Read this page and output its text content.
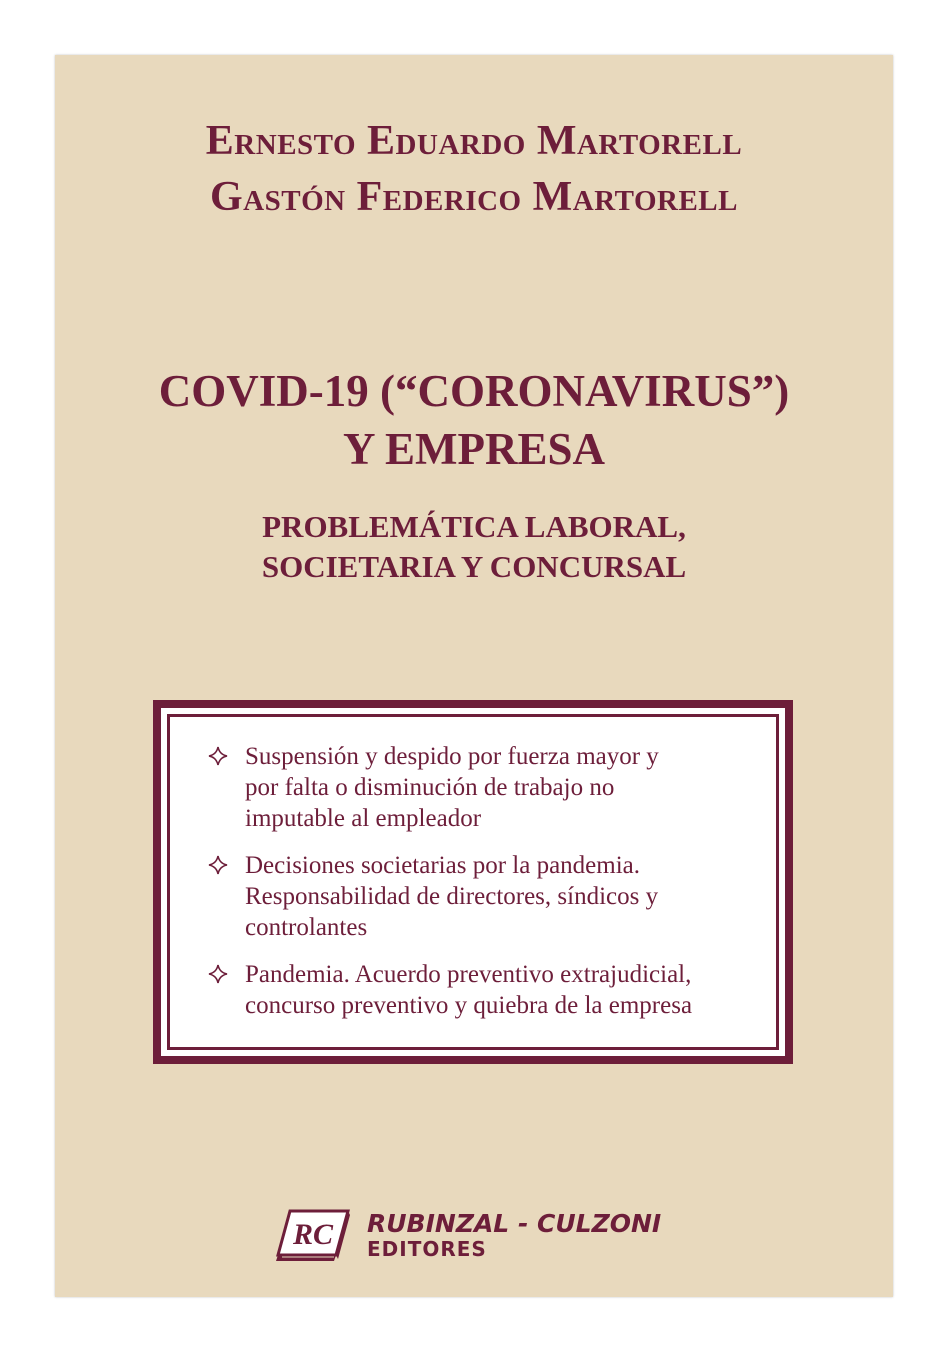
Ernesto Eduardo Martorell
Gastón Federico Martorell
COVID-19 (“CORONAVIRUS”)
Y EMPRESA
PROBLEMÁTICA LABORAL,
SOCIETARIA Y CONCURSAL
Suspensión y despido por fuerza mayor y
por falta o disminución de trabajo no
imputable al empleador
Decisiones societarias por la pandemia.
Responsabilidad de directores, síndicos y
controlantes
Pandemia. Acuerdo preventivo extrajudicial,
concurso preventivo y quiebra de la empresa
RC RUBINZAL - CULZONI
EDITORES
